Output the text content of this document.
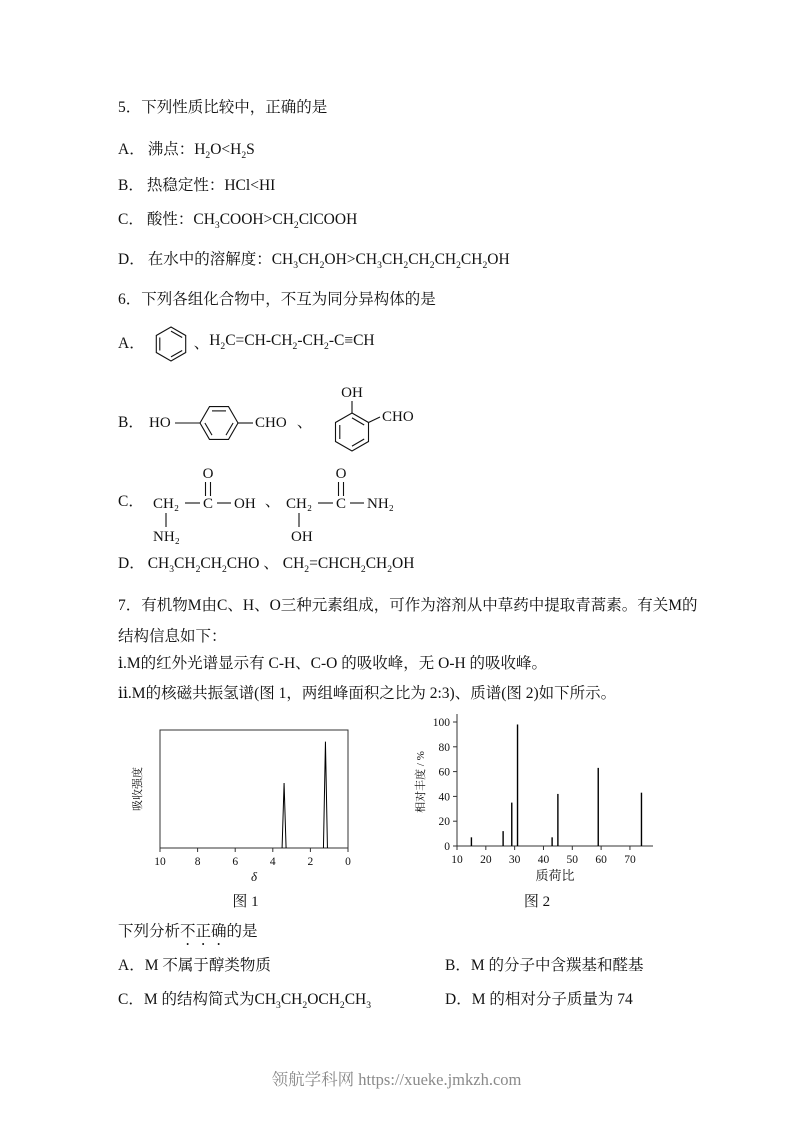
5．下列性质比较中，正确的是
A． 沸点：$H_2O<H_2S$
B． 热稳定性：HCl<HI
C． 酸性：$CH_3COOH>CH_2ClCOOH$
D． 在水中的溶解度：$CH_3CH_2OH>CH_3CH_2CH_2CH_2CH_2OH$
6．下列各组化合物中，不互为同分异构体的是
A．	、 $H_2C=CH-CH_2-CH_2-C\equiv CH$
B． HO	CHO 、
OH
CHO
C． CH₂ C
O
OH
NH₂
、 CH₂ C
O
NH₂
OH
D． $CH_3CH_2CH_2CHO$ 、 $CH_2=CHCH_2CH_2OH$
7．有机物M由C、H、O三种元素组成，可作为溶剂从中草药中提取青蒿素。有关M的结构信息如下：
ⅰ.M的红外光谱显示有 C-H、C-O 的吸收峰，无 O-H 的吸收峰。
ⅱ.M的核磁共振氢谱(图 1，两组峰面积之比为 2:3)、质谱(图 2)如下所示。
10	8	6	4	2	0
δ
吸收强度
图 1
0
20
40
60
80
100
10 20 30 40 50 60 70
质荷比
相对丰度 / %
图 2
下列分析不正确的是
A．M 不属于醇类物质	B．M 的分子中含羰基和醛基
C．M 的结构简式为$CH_3CH_2OCH_2CH_3$	D．M 的相对分子质量为 74
领航学科网 https://xueke.jmkzh.com
